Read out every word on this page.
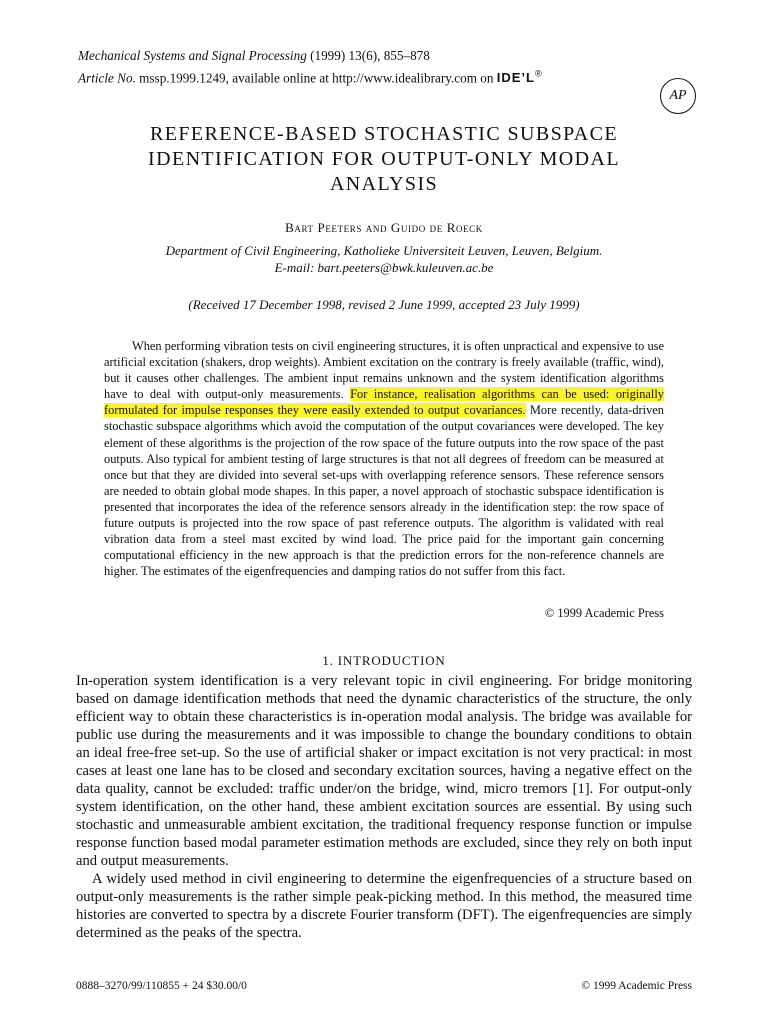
Mechanical Systems and Signal Processing (1999) 13(6), 855–878
Article No. mssp.1999.1249, available online at http://www.idealibrary.com on IDE’L®
AP
REFERENCE-BASED STOCHASTIC SUBSPACE
IDENTIFICATION FOR OUTPUT-ONLY MODAL
ANALYSIS
Bart Peeters and Guido de Roeck
Department of Civil Engineering, Katholieke Universiteit Leuven, Leuven, Belgium.
E-mail: bart.peeters@bwk.kuleuven.ac.be
(Received 17 December 1998, revised 2 June 1999, accepted 23 July 1999)
When performing vibration tests on civil engineering structures, it is often unpractical and expensive to use artificial excitation (shakers, drop weights). Ambient excitation on the contrary is freely available (traffic, wind), but it causes other challenges. The ambient input remains unknown and the system identification algorithms have to deal with output-only measurements. For instance, realisation algorithms can be used: originally formulated for impulse responses they were easily extended to output covariances. More recently, data-driven stochastic subspace algorithms which avoid the computation of the output covariances were developed. The key element of these algorithms is the projection of the row space of the future outputs into the row space of the past outputs. Also typical for ambient testing of large structures is that not all degrees of freedom can be measured at once but that they are divided into several set-ups with overlapping reference sensors. These reference sensors are needed to obtain global mode shapes. In this paper, a novel approach of stochastic subspace identification is presented that incorporates the idea of the reference sensors already in the identification step: the row space of future outputs is projected into the row space of past reference outputs. The algorithm is validated with real vibration data from a steel mast excited by wind load. The price paid for the important gain concerning computational efficiency in the new approach is that the prediction errors for the non-reference channels are higher. The estimates of the eigenfrequencies and damping ratios do not suffer from this fact.
© 1999 Academic Press
1. INTRODUCTION

In-operation system identification is a very relevant topic in civil engineering. For bridge monitoring based on damage identification methods that need the dynamic characteristics of the structure, the only efficient way to obtain these characteristics is in-operation modal analysis. The bridge was available for public use during the measurements and it was impossible to change the boundary conditions to obtain an ideal free-free set-up. So the use of artificial shaker or impact excitation is not very practical: in most cases at least one lane has to be closed and secondary excitation sources, having a negative effect on the data quality, cannot be excluded: traffic under/on the bridge, wind, micro tremors [1]. For output-only system identification, on the other hand, these ambient excitation sources are essential. By using such stochastic and unmeasurable ambient excitation, the traditional frequency response function or impulse response function based modal parameter estimation methods are excluded, since they rely on both input and output measurements.

A widely used method in civil engineering to determine the eigenfrequencies of a structure based on output-only measurements is the rather simple peak-picking method. In this method, the measured time histories are converted to spectra by a discrete Fourier transform (DFT). The eigenfrequencies are simply determined as the peaks of the spectra.

0888–3270/99/110855 + 24 $30.00/0	© 1999 Academic Press
